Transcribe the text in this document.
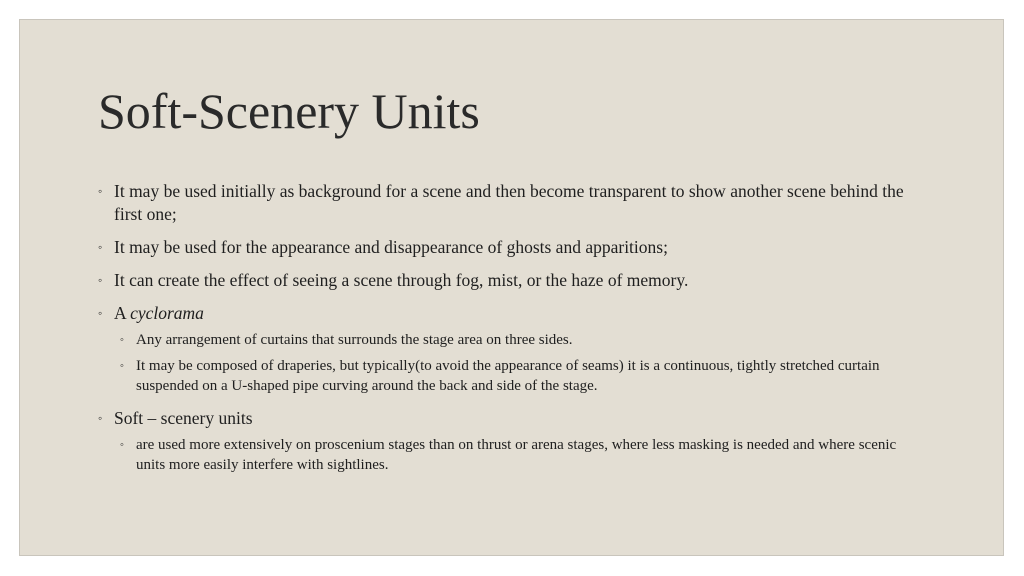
Soft-Scenery Units
◦ It may be used initially as background for a scene and then become transparent to show another scene behind the first one;
◦ It may be used for the appearance and disappearance of ghosts and apparitions;
◦ It can create the effect of seeing a scene through fog, mist, or the haze of memory.
◦ A cyclorama
◦ Any arrangement of curtains that surrounds the stage area on three sides.
◦ It may be composed of draperies, but typically(to avoid the appearance of seams) it is a continuous, tightly stretched curtain suspended on a U-shaped pipe curving around the back and side of the stage.
◦ Soft – scenery units
◦ are used more extensively on proscenium stages than on thrust or arena stages, where less masking is needed and where scenic units more easily interfere with sightlines.
